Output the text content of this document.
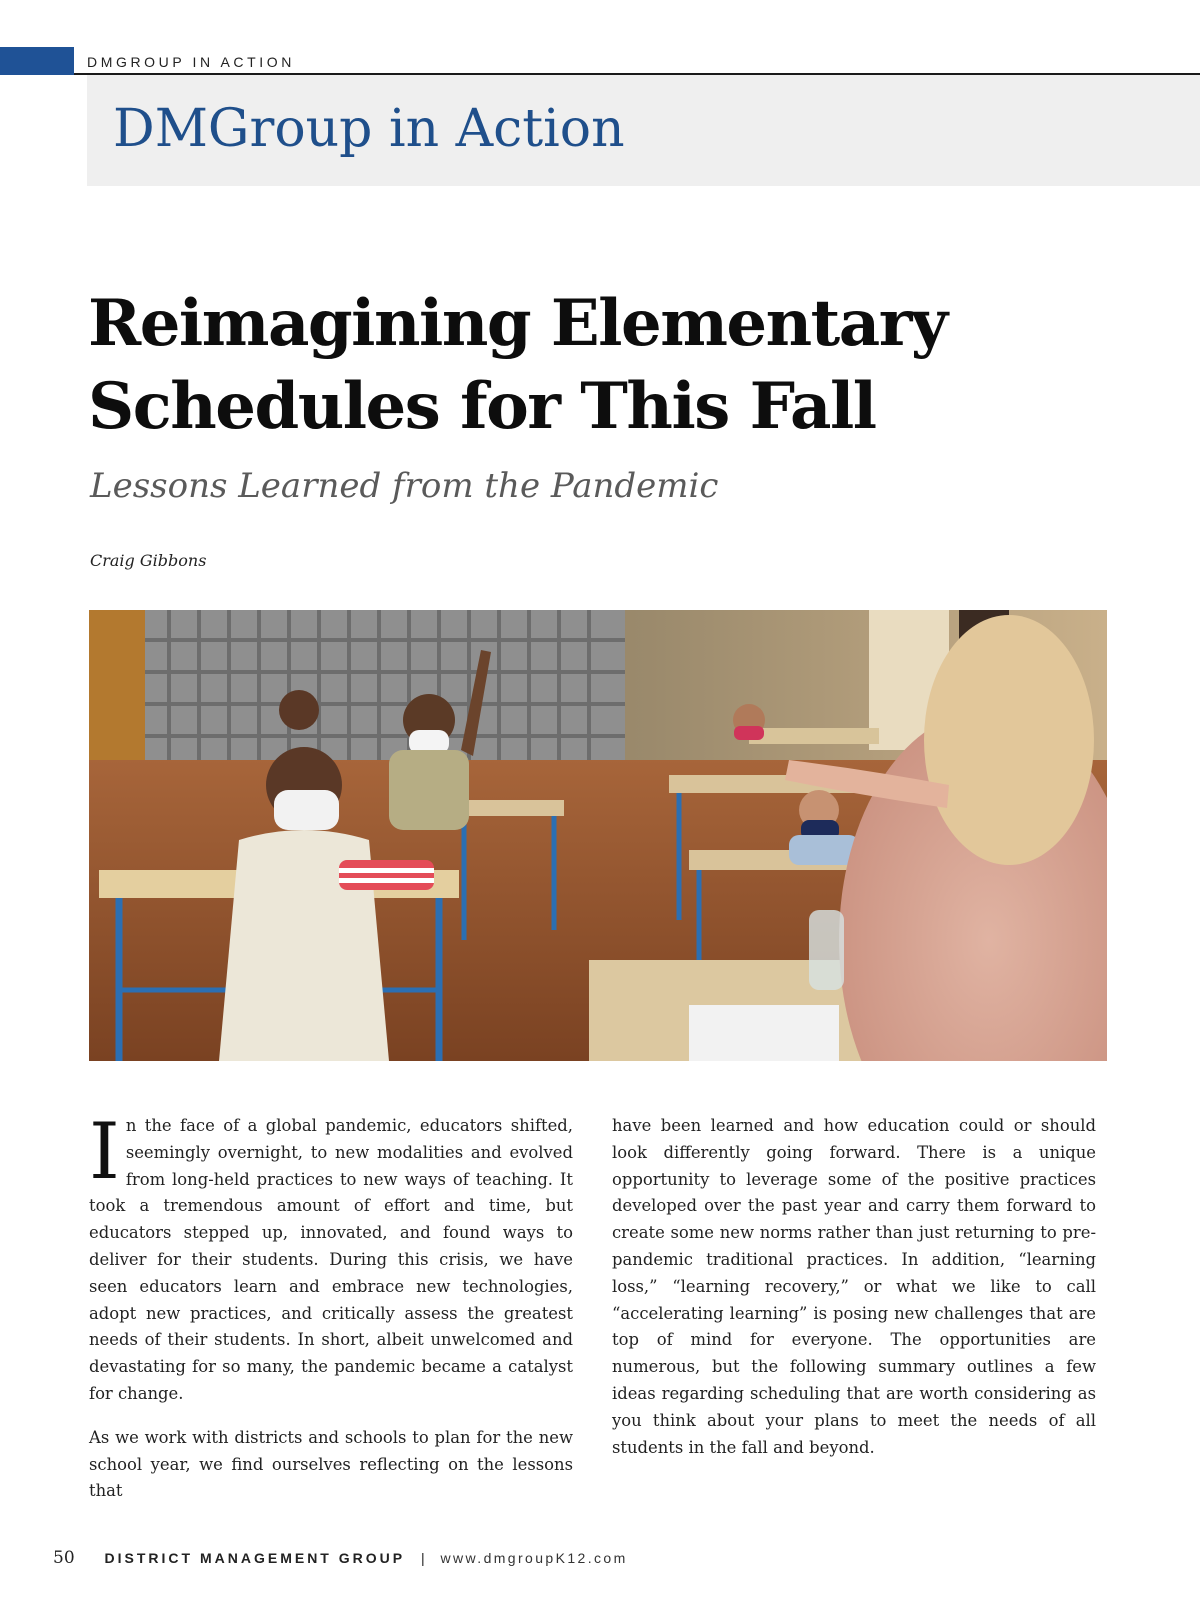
DMGROUP IN ACTION
DMGroup in Action
Reimagining Elementary
Schedules for This Fall
Lessons Learned from the Pandemic
Craig Gibbons

In the face of a global pandemic, educators shifted, seemingly overnight, to new modalities and evolved from long-held practices to new ways of teaching. It took a tremendous amount of effort and time, but educators stepped up, innovated, and found ways to deliver for their students. During this crisis, we have seen educators learn and embrace new technologies, adopt new practices, and critically assess the greatest needs of their students. In short, albeit unwelcomed and devastating for so many, the pandemic became a catalyst for change.

As we work with districts and schools to plan for the new school year, we find ourselves reflecting on the lessons that

have been learned and how education could or should look differently going forward. There is a unique opportunity to leverage some of the positive practices developed over the past year and carry them forward to create some new norms rather than just returning to pre-pandemic traditional practices. In addition, “learning loss,” “learning recovery,” or what we like to call “accelerating learning” is posing new challenges that are top of mind for everyone. The opportunities are numerous, but the following summary outlines a few ideas regarding scheduling that are worth considering as you think about your plans to meet the needs of all students in the fall and beyond.

50 DISTRICT MANAGEMENT GROUP | www.dmgroupK12.com
